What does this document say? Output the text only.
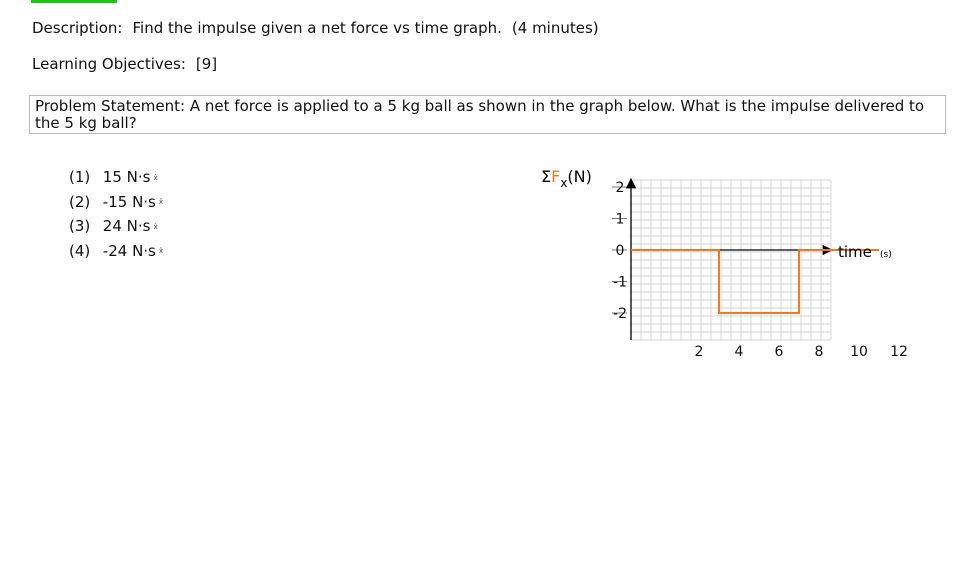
Description: Find the impulse given a net force vs time graph. (4 minutes)
Learning Objectives: [9]
Problem Statement: A net force is applied to a 5 kg ball as shown in the graph below. What is the impulse delivered to the 5 kg ball?
(1) 15 N·s x̂
(2) -15 N·s x̂
(3) 24 N·s x̂
(4) -24 N·s x̂
2
1
0
-1
-2
2 4 6 8 10 12
$\Sigma F_x(N)$
time (s)
